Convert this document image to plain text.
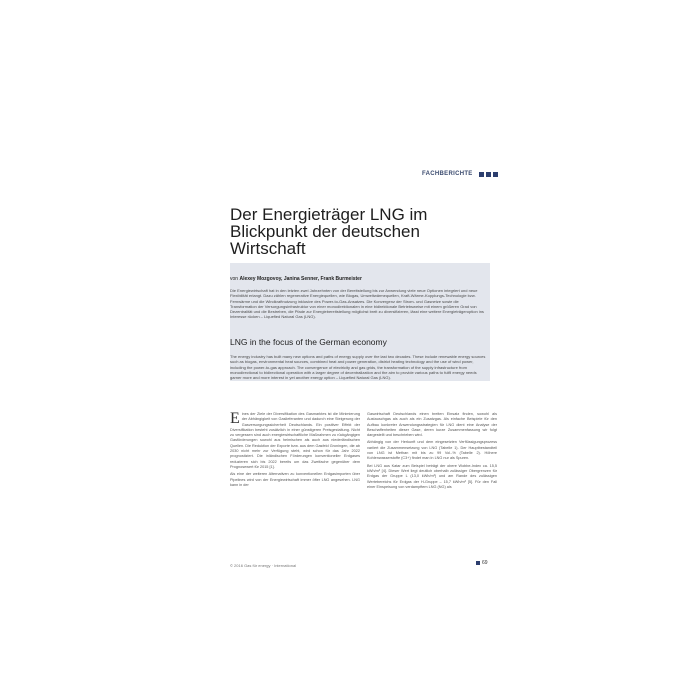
FACHBERICHTE
Der Energieträger LNG im Blickpunkt der deutschen Wirtschaft
von Alexey Mozgovoy, Janina Senner, Frank Burmeister

Die Energiewirtschaft hat in den letzten zwei Jahrzehnten von der Bereitstellung bis zur Anwendung viele neue Optionen integriert und neue Flexibilität erlangt. Dazu zählen regenerative Energiequellen, wie Biogas, Umweltwärmequellen, Kraft-Wärme-Kopplungs-Technologie bzw. Fernwärme und die Windkraftnutzung inklusive des Power-to-Gas-Ansatzes. Die Konvergenz der Strom- und Gasnetze sowie die Transformation der Versorgungsinfrastruktur von einer monodirektionalen in eine bidirektionale Betriebsweise mit einem größeren Grad von Dezentralität und die Bestreben, die Pfade zur Energiebereitstellung möglichst breit zu diversifizieren, lässt eine weitere Energieträgeroption ins Interesse rücken – Liquefied Natural Gas (LNG).

LNG in the focus of the German economy

The energy industry has built many new options and paths of energy supply over the last two decades. These include renewable energy sources such as biogas, environmental heat sources, combined heat and power generation, district heating technology and the use of wind power, including the power-to-gas approach. The convergence of electricity and gas grids, the transformation of the supply infrastructure from monodirectional to bidirectional operation with a larger degree of decentralization and the aim to provide various paths to fulfil energy needs garner more and more interest in yet another energy option – Liquefied Natural Gas (LNG).

Eines der Ziele der Diversifikation des Gasmarktes ist die Minimierung der Abhängigkeit von Gaslieferanten und dadurch eine Steigerung der Gasversorgungssicherheit Deutschlands. Ein positiver Effekt der Diversifikation besteht zusätzlich in einer günstigeren Preisgestaltung. Nicht zu vergessen sind auch energiewirtschaftliche Maßnahmen zu rückgängigen Gasförderungen sowohl aus heimischen als auch aus niederländischen Quellen. Die Reduktion der Exporte bzw. aus dem Gasfeld Groningen, die ab 2030 nicht mehr zur Verfügung steht, wird schon für das Jahr 2022 prognostiziert. Die inländischen Förderungen konventioneller Erdgases reduzieren sich bis 2022 bereits um das Zweifache gegenüber dem Prognosewert für 2015 [1].

Als eine der weiteren Alternativen zu konventionellen Erdgasimporten über Pipelines wird von der Energiewirtschaft immer öfter LNG angesehen. LNG kann in der

Gaswirtschaft Deutschlands einen breiten Einsatz finden, sowohl als Austauschgas als auch als ein Zusatzgas. Als einfache Beispiele für den Aufbau konkreter Anwendungsstrategien für LNG dient eine Analyse der Beschaffenheiten dieser Gase, deren kurze Zusammenfassung wir folgt dargestellt und beschrieben wird.

Abhängig von der Herkunft und dem eingesetzten Verflüssigungsprozess variiert die Zusammensetzung von LNG (Tabelle 1). Der Hauptbestandteil von LNG ist Methan mit bis zu 99 Vol.-% (Tabelle 2). Höhere Kohlenwasserstoffe (C3+) findet man in LNG nur als Spuren.

Bei LNG aus Katar zum Beispiel beträgt der obere Wobbe-Index ca. 15,5 kWh/m³ [4]. Dieser Wert liegt deutlich oberhalb zulässiger Obergrenzen für Erdgas der Gruppe L (13,0 kWh/m³) und am Rande des zulässigen Wertebereichs für Erdgas der H-Gruppe – 15,7 kWh/m³ [5]. Für den Fall einer Einspeisung von verdampftem LNG (NG) als

© 2016 Gas für energy · International	69
